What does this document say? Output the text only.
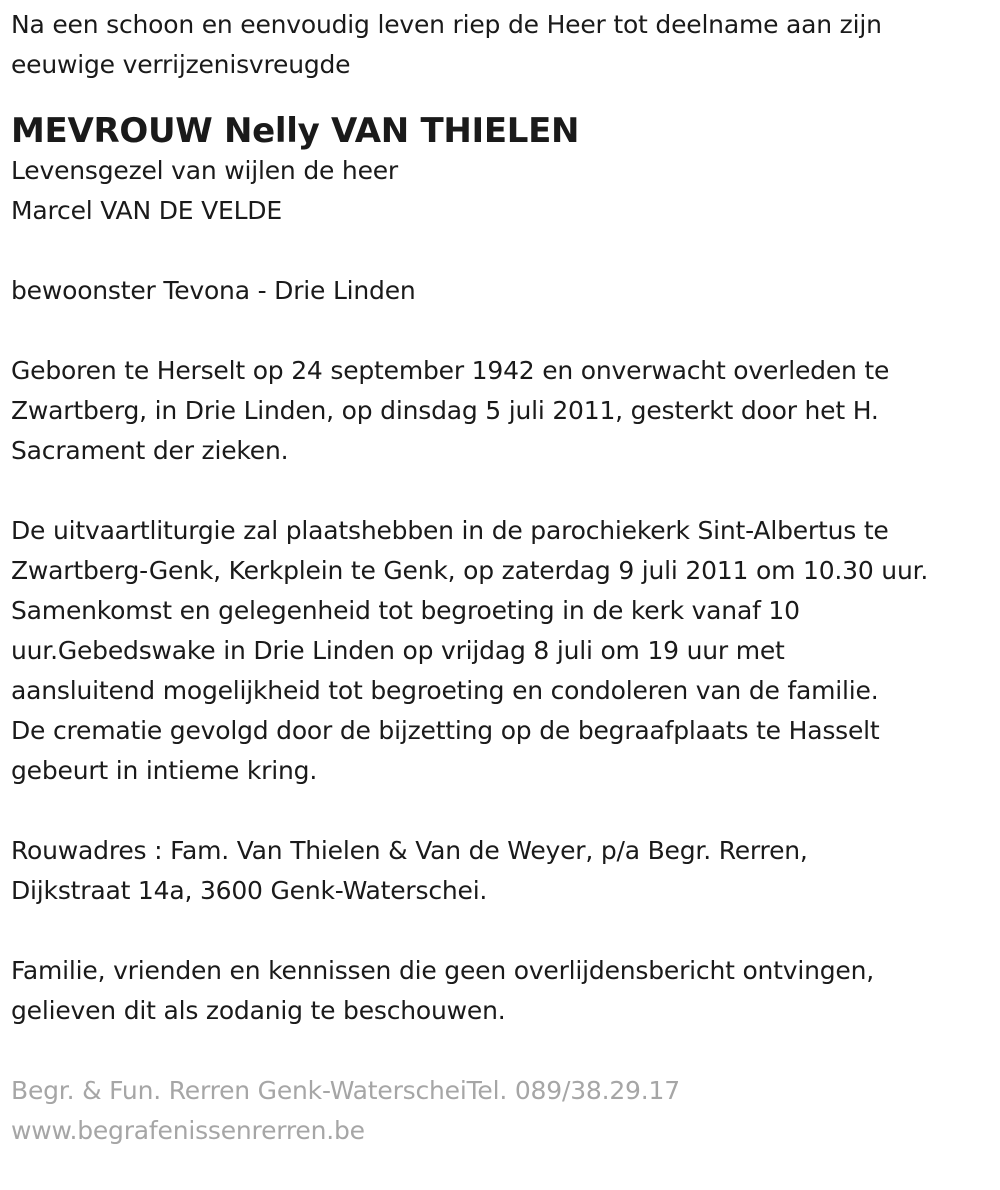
Na een schoon en eenvoudig leven riep de Heer tot deelname aan zijn
eeuwige verrijzenisvreugde
MEVROUW Nelly VAN THIELEN
Levensgezel van wijlen de heer
Marcel VAN DE VELDE
bewoonster Tevona - Drie Linden
Geboren te Herselt op 24 september 1942 en onverwacht overleden te
Zwartberg, in Drie Linden, op dinsdag 5 juli 2011, gesterkt door het H.
Sacrament der zieken.
De uitvaartliturgie zal plaatshebben in de parochiekerk Sint-Albertus te
Zwartberg-Genk, Kerkplein te Genk, op zaterdag 9 juli 2011 om 10.30 uur.
Samenkomst en gelegenheid tot begroeting in de kerk vanaf 10
uur.Gebedswake in Drie Linden op vrijdag 8 juli om 19 uur met
aansluitend mogelijkheid tot begroeting en condoleren van de familie.
De crematie gevolgd door de bijzetting op de begraafplaats te Hasselt
gebeurt in intieme kring.
Rouwadres : Fam. Van Thielen & Van de Weyer, p/a Begr. Rerren,
Dijkstraat 14a, 3600 Genk-Waterschei.
Familie, vrienden en kennissen die geen overlijdensbericht ontvingen,
gelieven dit als zodanig te beschouwen.
Begr. & Fun. Rerren Genk-WaterscheiTel. 089/38.29.17
www.begrafenissenrerren.be
